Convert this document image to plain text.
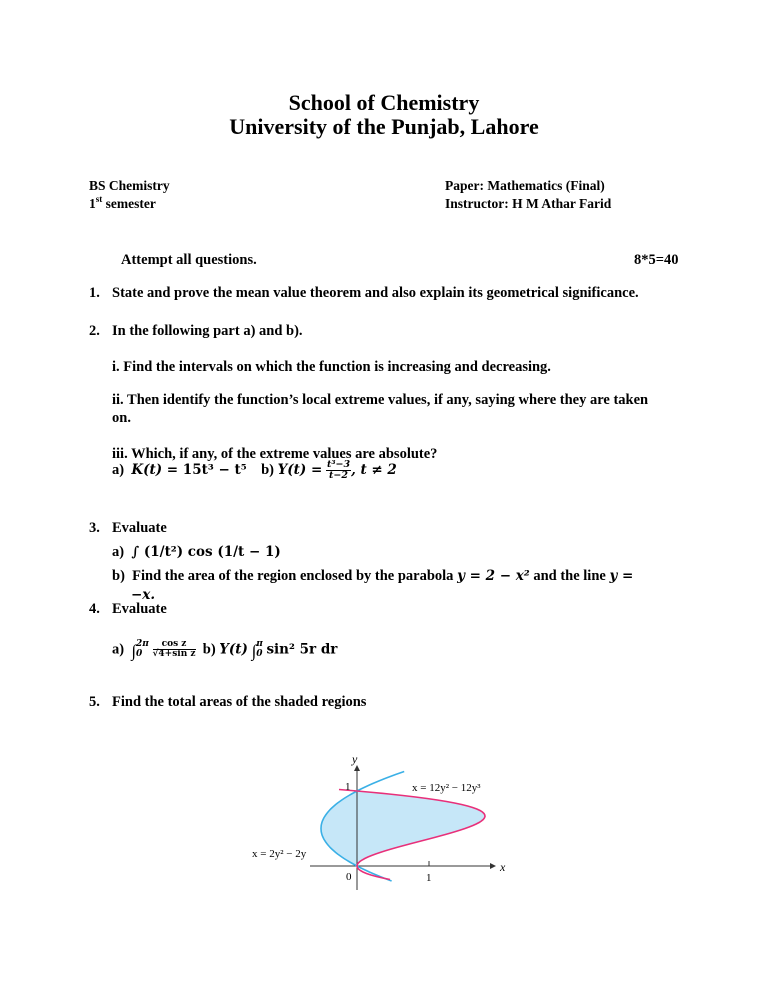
School of Chemistry
University of the Punjab, Lahore
BS Chemistry
1st semester
Paper: Mathematics (Final)
Instructor: H M Athar Farid
Attempt all questions.	8*5=40
1. State and prove the mean value theorem and also explain its geometrical significance.
2. In the following part a) and b).
i. Find the intervals on which the function is increasing and decreasing.
ii. Then identify the function’s local extreme values, if any, saying where they are taken
on.
iii. Which, if any, of the extreme values are absolute?
a) K(t) = 15t³ − t⁵ b) $Y(t) = \frac{\text{t³−3}}{t-2}$ , t ≠ 2
3. Evaluate
a) ∫ (1/t²) cos (1/t − 1)
b) Find the area of the region enclosed by the parabola y = 2 − x² and the line y =
−x.
4. Evaluate
a) ∫ 2π
0
	$\frac{\text{cos z}}{\text{√4+sin z}} b$) Y(t) ∫ π
0 sin² 5r dr
5. Find the total areas of the shaded regions
y
x
0	1
1
x = 2y² − 2y
x = 12y² − 12y³
